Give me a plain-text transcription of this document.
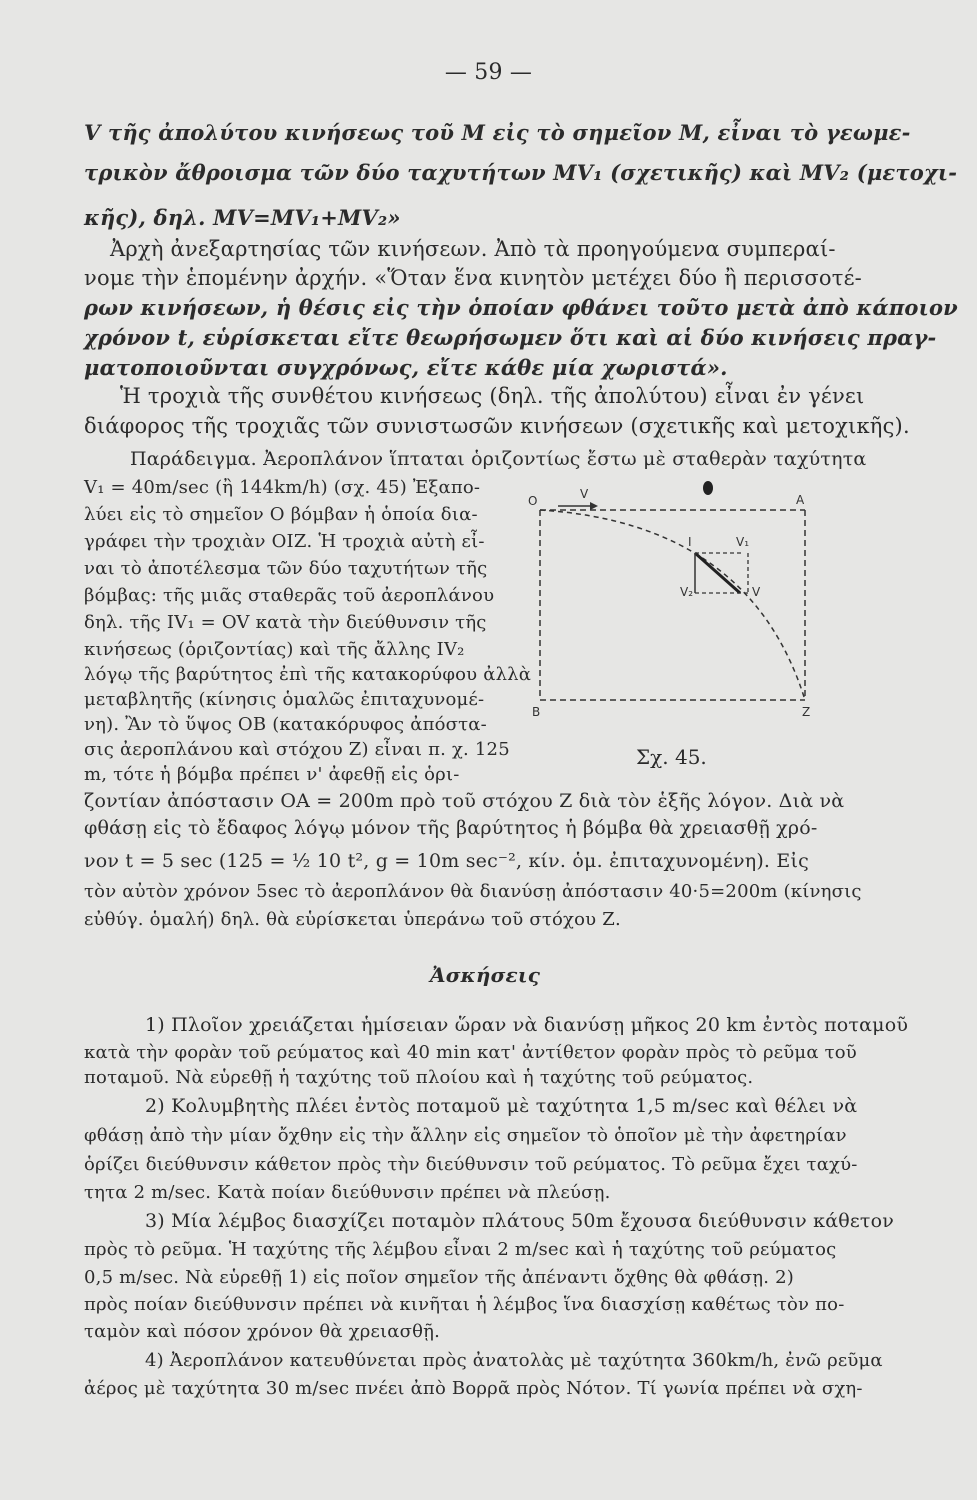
— 59 —
V τῆς ἀπολύτου κινήσεως τοῦ Μ εἰς τὸ σημεῖον Μ, εἶναι τὸ γεωμε-
τρικὸν ἄθροισμα τῶν δύο ταχυτήτων MV₁ (σχετικῆς) καὶ MV₂ (μετοχι-
κῆς), δηλ. MV=MV₁+MV₂»
Ἀρχὴ ἀνεξαρτησίας τῶν κινήσεων. Ἀπὸ τὰ προηγούμενα συμπεραί-
νομε τὴν ἑπομένην ἀρχήν. «Ὅταν ἕνα κινητὸν μετέχει δύο ἢ περισσοτέ-
ρων κινήσεων, ἡ θέσις εἰς τὴν ὁποίαν φθάνει τοῦτο μετὰ ἀπὸ κάποιον
χρόνον t, εὑρίσκεται εἴτε θεωρήσωμεν ὅτι καὶ αἱ δύο κινήσεις πραγ-
ματοποιοῦνται συγχρόνως, εἴτε κάθε μία χωριστά».
Ἡ τροχιὰ τῆς συνθέτου κινήσεως (δηλ. τῆς ἀπολύτου) εἶναι ἐν γένει
διάφορος τῆς τροχιᾶς τῶν συνιστωσῶν κινήσεων (σχετικῆς καὶ μετοχικῆς).
Παράδειγμα. Ἀεροπλάνον ἵπταται ὁριζοντίως ἔστω μὲ σταθερὰν ταχύτητα
V₁ = 40m/sec (ἢ 144km/h) (σχ. 45) Ἐξαπο-
λύει εἰς τὸ σημεῖον Ο βόμβαν ἡ ὁποία δια-
γράφει τὴν τροχιὰν ΟΙΖ. Ἡ τροχιὰ αὐτὴ εἶ-
ναι τὸ ἀποτέλεσμα τῶν δύο ταχυτήτων τῆς
βόμβας: τῆς μιᾶς σταθερᾶς τοῦ ἀεροπλάνου
δηλ. τῆς IV₁ = OV κατὰ τὴν διεύθυνσιν τῆς
κινήσεως (ὁριζοντίας) καὶ τῆς ἄλλης IV₂
λόγῳ τῆς βαρύτητος ἐπὶ τῆς κατακορύφου ἀλλὰ
μεταβλητῆς (κίνησις ὁμαλῶς ἐπιταχυνομέ-
νη). Ἂν τὸ ὕψος ΟΒ (κατακόρυφος ἀπόστα-
σις ἀεροπλάνου καὶ στόχου Ζ) εἶναι π. χ. 125
m, τότε ἡ βόμβα πρέπει ν' ἀφεθῇ εἰς ὁρι-
O	A
B	Z
I
V
V₁
V₂	V
Σχ. 45.
ζοντίαν ἀπόστασιν ΟΑ = 200m πρὸ τοῦ στόχου Ζ διὰ τὸν ἑξῆς λόγον. Διὰ νὰ
φθάσῃ εἰς τὸ ἔδαφος λόγῳ μόνον τῆς βαρύτητος ἡ βόμβα θὰ χρειασθῇ χρό-
νον t = 5 sec (125 = ½ 10 t², g = 10m sec⁻², κίν. ὁμ. ἐπιταχυνομένη). Εἰς
τὸν αὐτὸν χρόνον 5sec τὸ ἀεροπλάνον θὰ διανύσῃ ἀπόστασιν 40·5=200m (κίνησις
εὐθύγ. ὁμαλή) δηλ. θὰ εὑρίσκεται ὑπεράνω τοῦ στόχου Ζ.
Ἀσκήσεις
1) Πλοῖον χρειάζεται ἡμίσειαν ὥραν νὰ διανύσῃ μῆκος 20 km ἐντὸς ποταμοῦ
κατὰ τὴν φορὰν τοῦ ρεύματος καὶ 40 min κατ' ἀντίθετον φορὰν πρὸς τὸ ρεῦμα τοῦ
ποταμοῦ. Νὰ εὑρεθῇ ἡ ταχύτης τοῦ πλοίου καὶ ἡ ταχύτης τοῦ ρεύματος.
2) Κολυμβητὴς πλέει ἐντὸς ποταμοῦ μὲ ταχύτητα 1,5 m/sec καὶ θέλει νὰ
φθάσῃ ἀπὸ τὴν μίαν ὄχθην εἰς τὴν ἄλλην εἰς σημεῖον τὸ ὁποῖον μὲ τὴν ἀφετηρίαν
ὁρίζει διεύθυνσιν κάθετον πρὸς τὴν διεύθυνσιν τοῦ ρεύματος. Τὸ ρεῦμα ἔχει ταχύ-
τητα 2 m/sec. Κατὰ ποίαν διεύθυνσιν πρέπει νὰ πλεύσῃ.
3) Μία λέμβος διασχίζει ποταμὸν πλάτους 50m ἔχουσα διεύθυνσιν κάθετον
πρὸς τὸ ρεῦμα. Ἡ ταχύτης τῆς λέμβου εἶναι 2 m/sec καὶ ἡ ταχύτης τοῦ ρεύματος
0,5 m/sec. Νὰ εὑρεθῇ 1) εἰς ποῖον σημεῖον τῆς ἀπέναντι ὄχθης θὰ φθάσῃ. 2)
πρὸς ποίαν διεύθυνσιν πρέπει νὰ κινῆται ἡ λέμβος ἵνα διασχίσῃ καθέτως τὸν πο-
ταμὸν καὶ πόσον χρόνον θὰ χρειασθῇ.
4) Ἀεροπλάνον κατευθύνεται πρὸς ἀνατολὰς μὲ ταχύτητα 360km/h, ἐνῶ ρεῦμα
ἀέρος μὲ ταχύτητα 30 m/sec πνέει ἀπὸ Βορρᾶ πρὸς Νότον. Τί γωνία πρέπει νὰ σχη-
